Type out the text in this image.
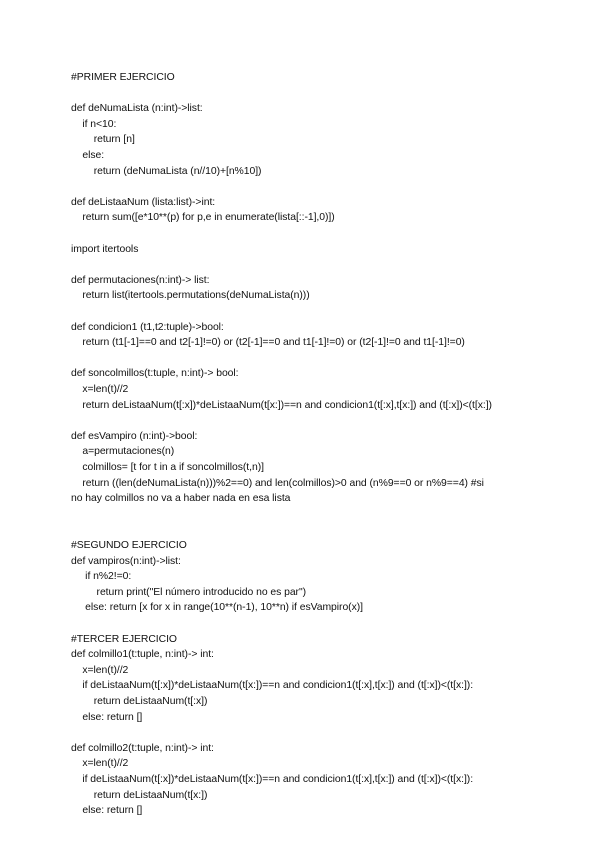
#PRIMER EJERCICIO
def deNumaLista (n:int)->list:
if n<10:
return [n]
else:
return (deNumaLista (n//10)+[n%10])
def deListaaNum (lista:list)->int:
return sum([e*10**(p) for p,e in enumerate(lista[::-1],0)])
import itertools
def permutaciones(n:int)-> list:
return list(itertools.permutations(deNumaLista(n)))
def condicion1 (t1,t2:tuple)->bool:
return (t1[-1]==0 and t2[-1]!=0) or (t2[-1]==0 and t1[-1]!=0) or (t2[-1]!=0 and t1[-1]!=0)
def soncolmillos(t:tuple, n:int)-> bool:
x=len(t)//2
return deListaaNum(t[:x])*deListaaNum(t[x:])==n and condicion1(t[:x],t[x:]) and (t[:x])<(t[x:])
def esVampiro (n:int)->bool:
a=permutaciones(n)
colmillos= [t for t in a if soncolmillos(t,n)]
return ((len(deNumaLista(n)))%2==0) and len(colmillos)>0 and (n%9==0 or n%9==4) #si
no hay colmillos no va a haber nada en esa lista
#SEGUNDO EJERCICIO
def vampiros(n:int)->list:
if n%2!=0:
return print("El número introducido no es par")
else: return [x for x in range(10**(n-1), 10**n) if esVampiro(x)]
#TERCER EJERCICIO
def colmillo1(t:tuple, n:int)-> int:
x=len(t)//2
if deListaaNum(t[:x])*deListaaNum(t[x:])==n and condicion1(t[:x],t[x:]) and (t[:x])<(t[x:]):
return deListaaNum(t[:x])
else: return []
def colmillo2(t:tuple, n:int)-> int:
x=len(t)//2
if deListaaNum(t[:x])*deListaaNum(t[x:])==n and condicion1(t[:x],t[x:]) and (t[:x])<(t[x:]):
return deListaaNum(t[x:])
else: return []
